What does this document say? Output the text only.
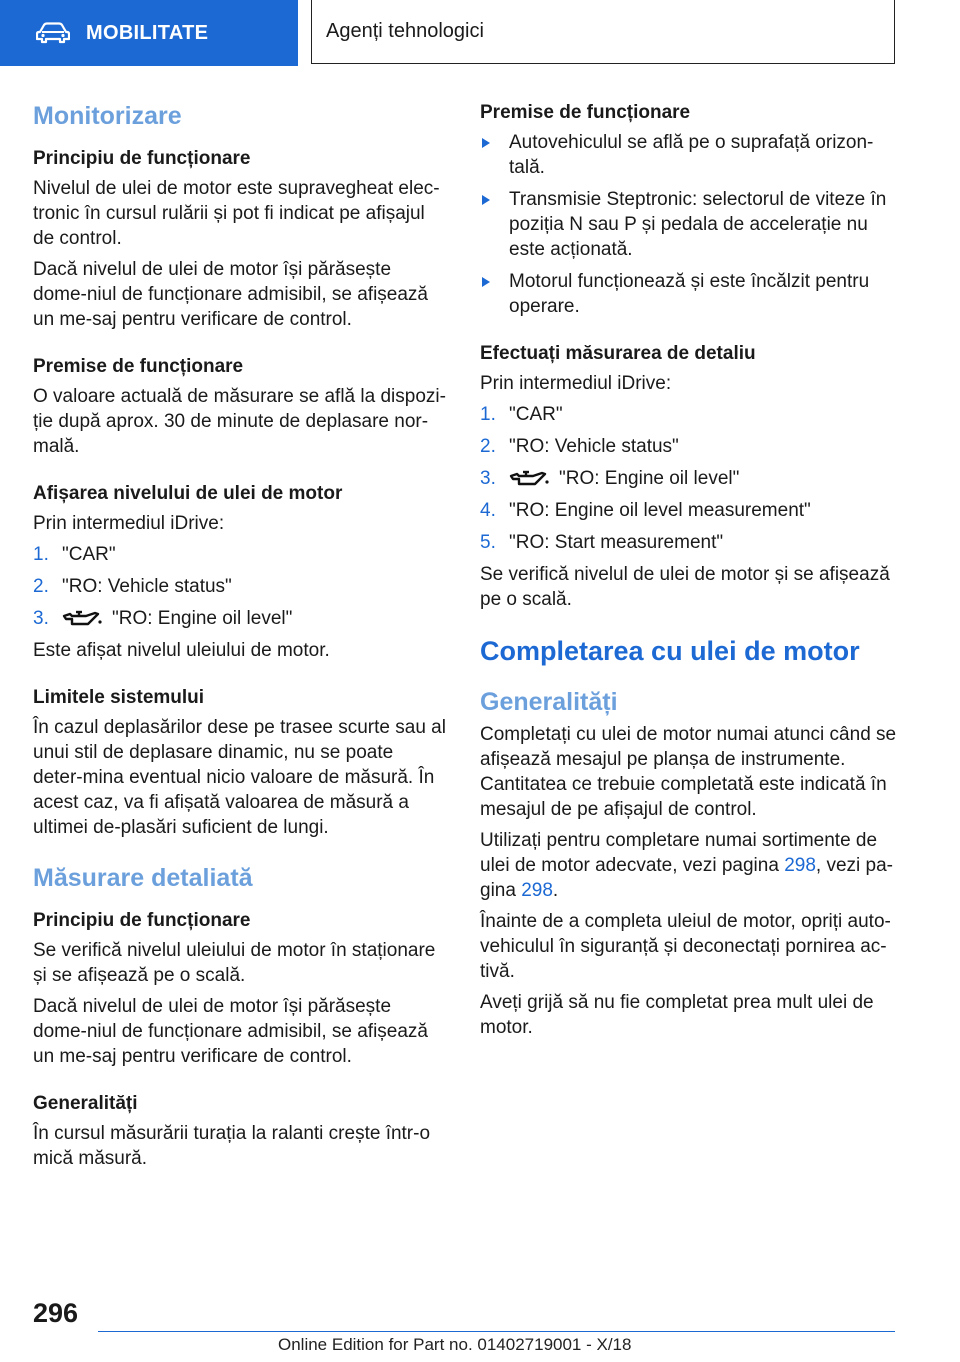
MOBILITATE	Agenți tehnologici
Monitorizare
Principiu de funcționare

Nivelul de ulei de motor este supravegheat elec-tronic în cursul rulării și pot fi indicat pe afișajul de control.

Dacă nivelul de ulei de motor își părăsește dome-niul de funcționare admisibil, se afișează un me-saj pentru verificare de control.

Premise de funcționare

O valoare actuală de măsurare se află la dispozi-ție după aprox. 30 de minute de deplasare nor-mală.

Afișarea nivelului de ulei de motor

Prin intermediul iDrive:

1. "CAR"
2. "RO: Vehicle status"
3.	"RO: Engine oil level"

Este afișat nivelul uleiului de motor.

Limitele sistemului

În cazul deplasărilor dese pe trasee scurte sau al unui stil de deplasare dinamic, nu se poate deter-mina eventual nicio valoare de măsură. În acest caz, va fi afișată valoarea de măsură a ultimei de-plasări suficient de lungi.

Măsurare detaliată
Principiu de funcționare

Se verifică nivelul uleiului de motor în staționare și se afișează pe o scală.

Dacă nivelul de ulei de motor își părăsește dome-niul de funcționare admisibil, se afișează un me-saj pentru verificare de control.

Generalități

În cursul măsurării turația la ralanti crește într-o mică măsură.

Premise de funcționare
Autovehiculul se află pe o suprafață orizon-tală.
Transmisie Steptronic: selectorul de viteze în poziția N sau P și pedala de accelerație nu este acționată.
Motorul funcționează și este încălzit pentru operare.
Efectuați măsurarea de detaliu

Prin intermediul iDrive:

1. "CAR"
2. "RO: Vehicle status"
3.	"RO: Engine oil level"
4. "RO: Engine oil level measurement"
5. "RO: Start measurement"

Se verifică nivelul de ulei de motor și se afișează pe o scală.

Completarea cu ulei de motor
Generalități

Completați cu ulei de motor numai atunci când se afișează mesajul pe planșa de instrumente. Cantitatea ce trebuie completată este indicată în mesajul de pe afișajul de control.

Utilizați pentru completare numai sortimente de ulei de motor adecvate, vezi pagina 298, vezi pa-gina 298.

Înainte de a completa uleiul de motor, opriți auto-vehiculul în siguranță și deconectați pornirea ac-tivă.

Aveți grijă să nu fie completat prea mult ulei de motor.

296
Online Edition for Part no. 01402719001 - X/18
